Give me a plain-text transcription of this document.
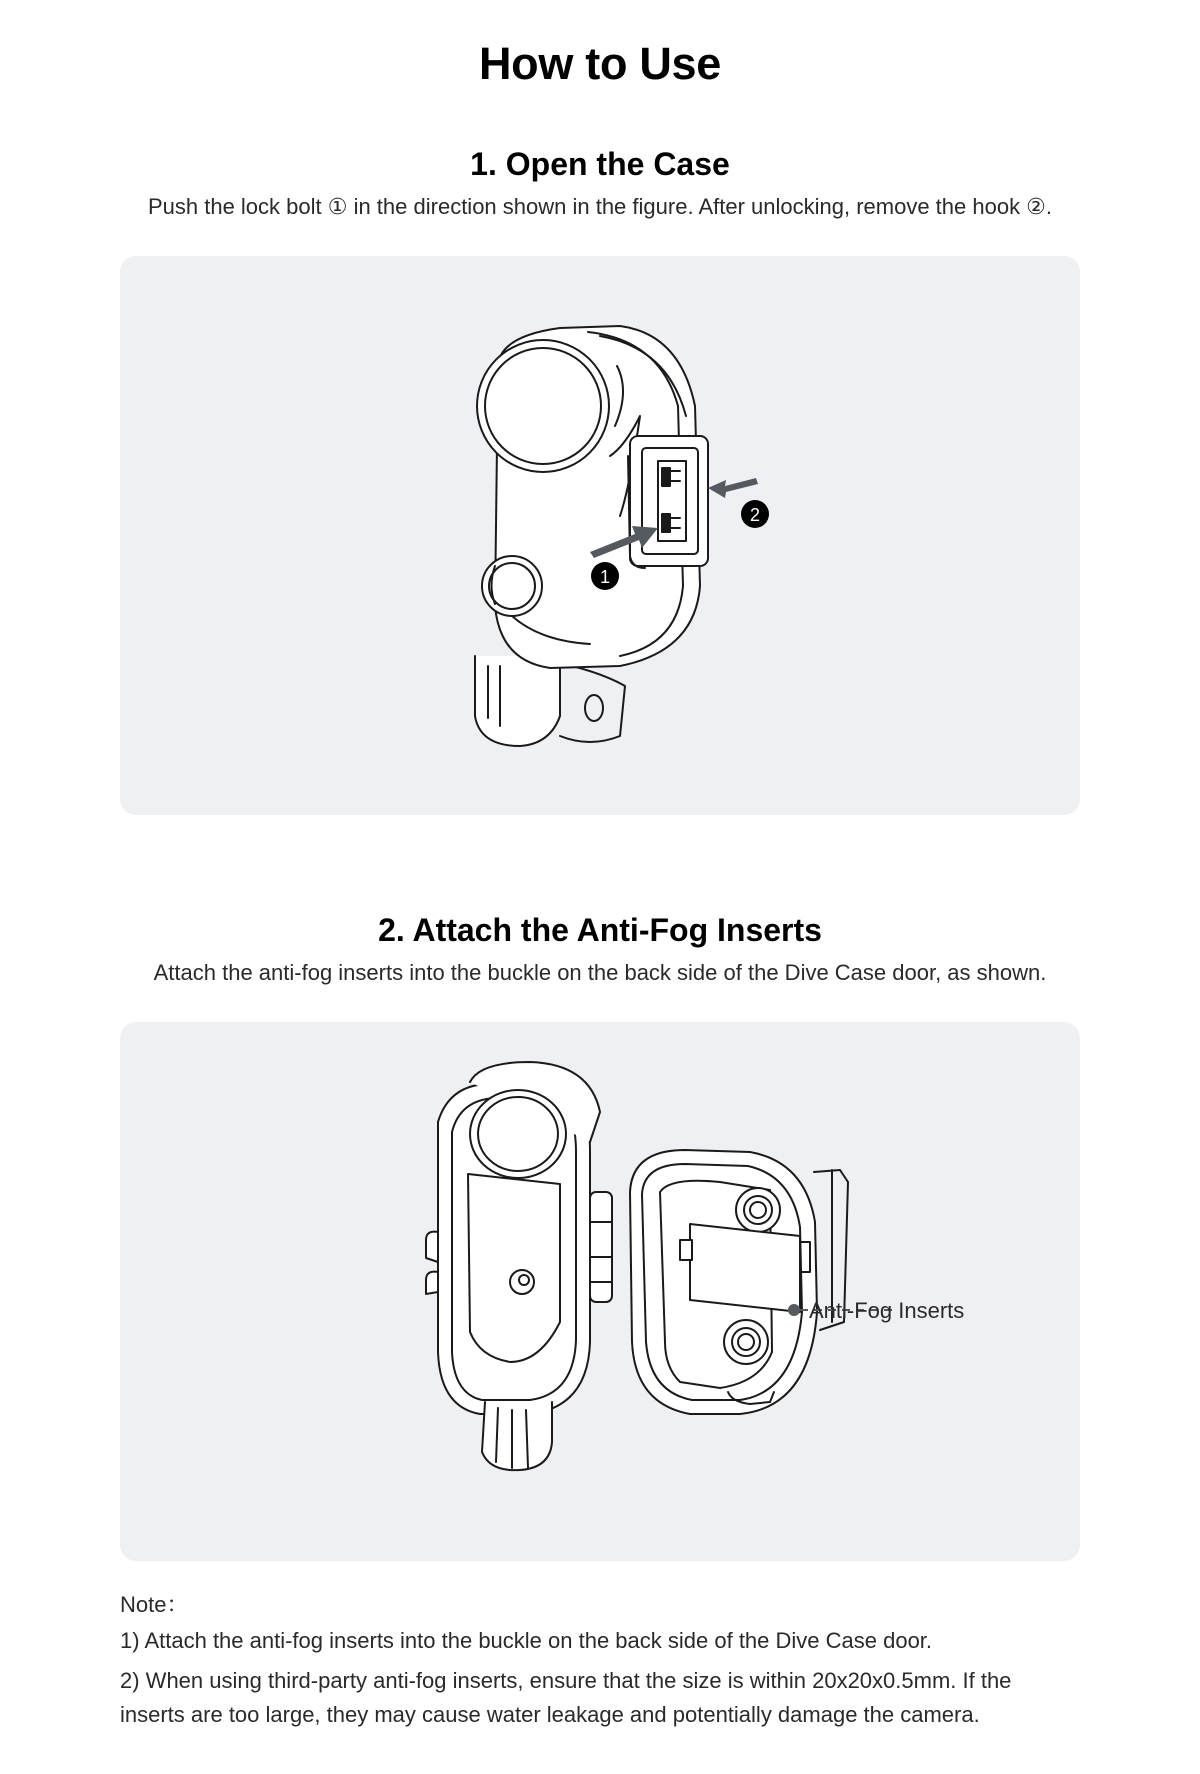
How to Use
1. Open the Case

Push the lock bolt ① in the direction shown in the figure. After unlocking, remove the hook ②.

1
2
2. Attach the Anti-Fog Inserts

Attach the anti-fog inserts into the buckle on the back side of the Dive Case door, as shown.

Anti-Fog Inserts
Note：
1) Attach the anti-fog inserts into the buckle on the back side of the Dive Case door.
2) When using third-party anti-fog inserts, ensure that the size is within 20x20x0.5mm. If the inserts are too large, they may cause water leakage and potentially damage the camera.
